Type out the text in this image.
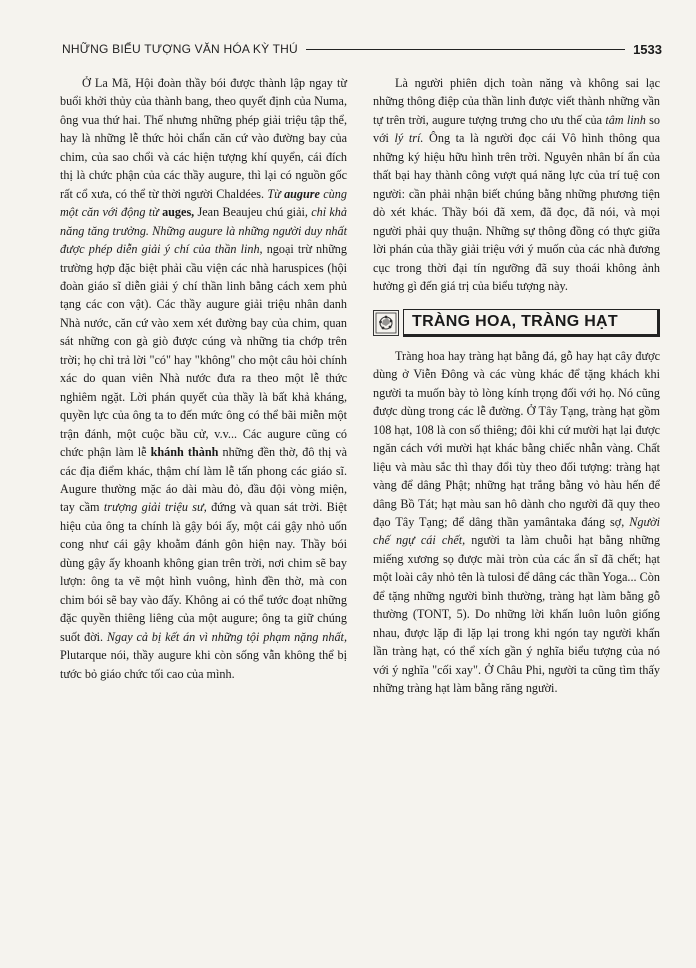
NHỮNG BIỂU TƯỢNG VĂN HÓA KỲ THÚ	1533

Ở La Mã, Hội đoàn thầy bói được thành lập ngay từ buổi khởi thủy của thành bang, theo quyết định của Numa, ông vua thứ hai. Thế nhưng những phép giải triệu tập thể, hay là những lễ thức hỏi chẩn căn cứ vào đường bay của chim, của sao chổi và các hiện tượng khí quyển, cái đích thị là chức phận của các thầy augure, thì lại có nguồn gốc rất cổ xưa, có thể từ thời người Chaldées. Từ augure cùng một căn với động từ auges, Jean Beaujeu chú giải, chỉ khả năng tăng trưởng. Những augure là những người duy nhất được phép diễn giải ý chí của thần linh, ngoại trừ những trường hợp đặc biệt phải cầu viện các nhà haruspices (hội đoàn giáo sĩ diễn giải ý chí thần linh bằng cách xem phủ tạng các con vật). Các thầy augure giải triệu nhân danh Nhà nước, căn cứ vào xem xét đường bay của chim, quan sát những con gà giò được cúng và những tia chớp trên trời; họ chỉ trả lời "có" hay "không" cho một câu hỏi chính xác do quan viên Nhà nước đưa ra theo một lễ thức nghiêm ngặt. Lời phán quyết của thầy là bất khả kháng, quyền lực của ông ta to đến mức ông có thể bãi miễn một trận đánh, một cuộc bầu cử, v.v... Các augure cũng có chức phận làm lễ khánh thành những đền thờ, đô thị và các địa điểm khác, thậm chí làm lễ tấn phong các giáo sĩ. Augure thường mặc áo dài màu đỏ, đầu đội vòng miện, tay cầm trượng giải triệu sư, đứng và quan sát trời. Biệt hiệu của ông ta chính là gậy bói ấy, một cái gậy nhỏ uốn cong như cái gậy khoằm đánh gôn hiện nay. Thầy bói dùng gậy ấy khoanh không gian trên trời, nơi chim sẽ bay lượn: ông ta vẽ một hình vuông, hình đền thờ, mà con chim bói sẽ bay vào đấy. Không ai có thể tước đoạt những đặc quyền thiêng liêng của một augure; ông ta giữ chúng suốt đời. Ngay cả bị kết án vì những tội phạm nặng nhất, Plutarque nói, thầy augure khi còn sống vẫn không thể bị tước bỏ giáo chức tối cao của mình.

Là người phiên dịch toàn năng và không sai lạc những thông điệp của thần linh được viết thành những vần tự trên trời, augure tượng trưng cho ưu thế của tâm linh so với lý trí. Ông ta là người đọc cái Vô hình thông qua những ký hiệu hữu hình trên trời. Nguyên nhân bí ẩn của thất bại hay thành công vượt quá năng lực của trí tuệ con người: cần phải nhận biết chúng bằng những phương tiện dò xét khác. Thầy bói đã xem, đã đọc, đã nói, và mọi người phải quy thuận. Những sự thông đồng có thực giữa lời phán của thầy giải triệu với ý muốn của các nhà đương cục trong thời đại tín ngưỡng đã suy thoái không ảnh hưởng gì đến giá trị của biểu tượng này.

TRÀNG HOA, TRÀNG HẠT

Tràng hoa hay tràng hạt bằng đá, gỗ hay hạt cây được dùng ở Viễn Đông và các vùng khác để tặng khách khi người ta muốn bày tỏ lòng kính trọng đối với họ. Nó cũng được dùng trong các lễ đường. Ở Tây Tạng, tràng hạt gồm 108 hạt, 108 là con số thiêng; đôi khi cứ mười hạt lại được ngăn cách với mười hạt khác bằng chiếc nhẫn vàng. Chất liệu và màu sắc thì thay đổi tùy theo đối tượng: tràng hạt vàng để dâng Phật; những hạt trắng bằng vỏ hàu hến để dâng Bồ Tát; hạt màu san hô dành cho người đã quy theo đạo Tây Tạng; để dâng thần yamântaka đáng sợ, Người chế ngự cái chết, người ta làm chuỗi hạt bằng những miếng xương sọ được mài tròn của các ẩn sĩ đã chết; hạt một loài cây nhỏ tên là tulosi để dâng các thần Yoga... Còn để tặng những người bình thường, tràng hạt làm bằng gỗ thường (TONT, 5). Do những lời khấn luôn luôn giống nhau, được lặp đi lặp lại trong khi ngón tay người khấn lần tràng hạt, có thể xích gần ý nghĩa biểu tượng của nó với ý nghĩa "cối xay". Ở Châu Phi, người ta cũng tìm thấy những tràng hạt làm bằng răng người.
